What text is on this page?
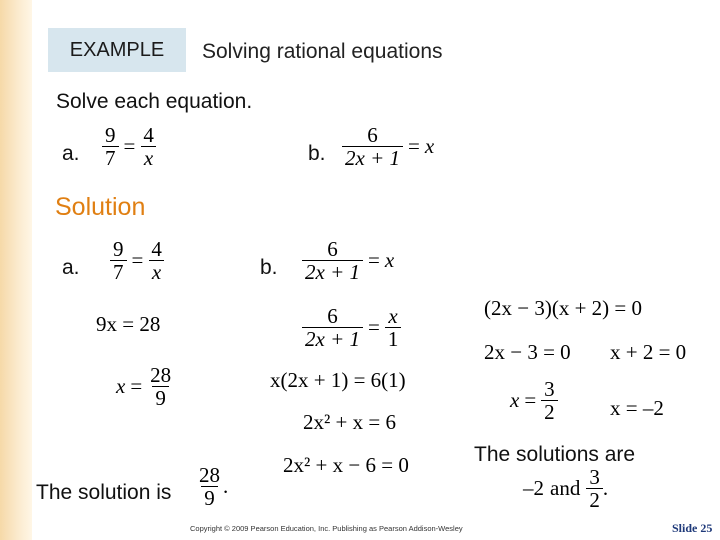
EXAMPLE Solving rational equations
Solve each equation.
a. $\frac{9}{7} = \frac{4}{x}$	b. $\frac{6}{2x + 1} = x$
Solution
a. $\frac{9}{7} = \frac{4}{x}$
9x = 28
$x = \frac{28}{9}$
b. $\frac{6}{2x + 1} = x$
$\frac{6}{2x + 1} = \frac{x}{1}$
x(2x + 1) = 6(1)
2x² + x = 6
2x² + x − 6 = 0
(2x − 3)(x + 2) = 0
2x − 3 = 0 x + 2 = 0
$x = \frac{3}{2}$ x = –2
The solutions are
–2 and $\frac{3}{2}$ .
The solution is $\frac{28}{9}$ .
Copyright © 2009 Pearson Education, Inc. Publishing as Pearson Addison-Wesley	Slide 25
